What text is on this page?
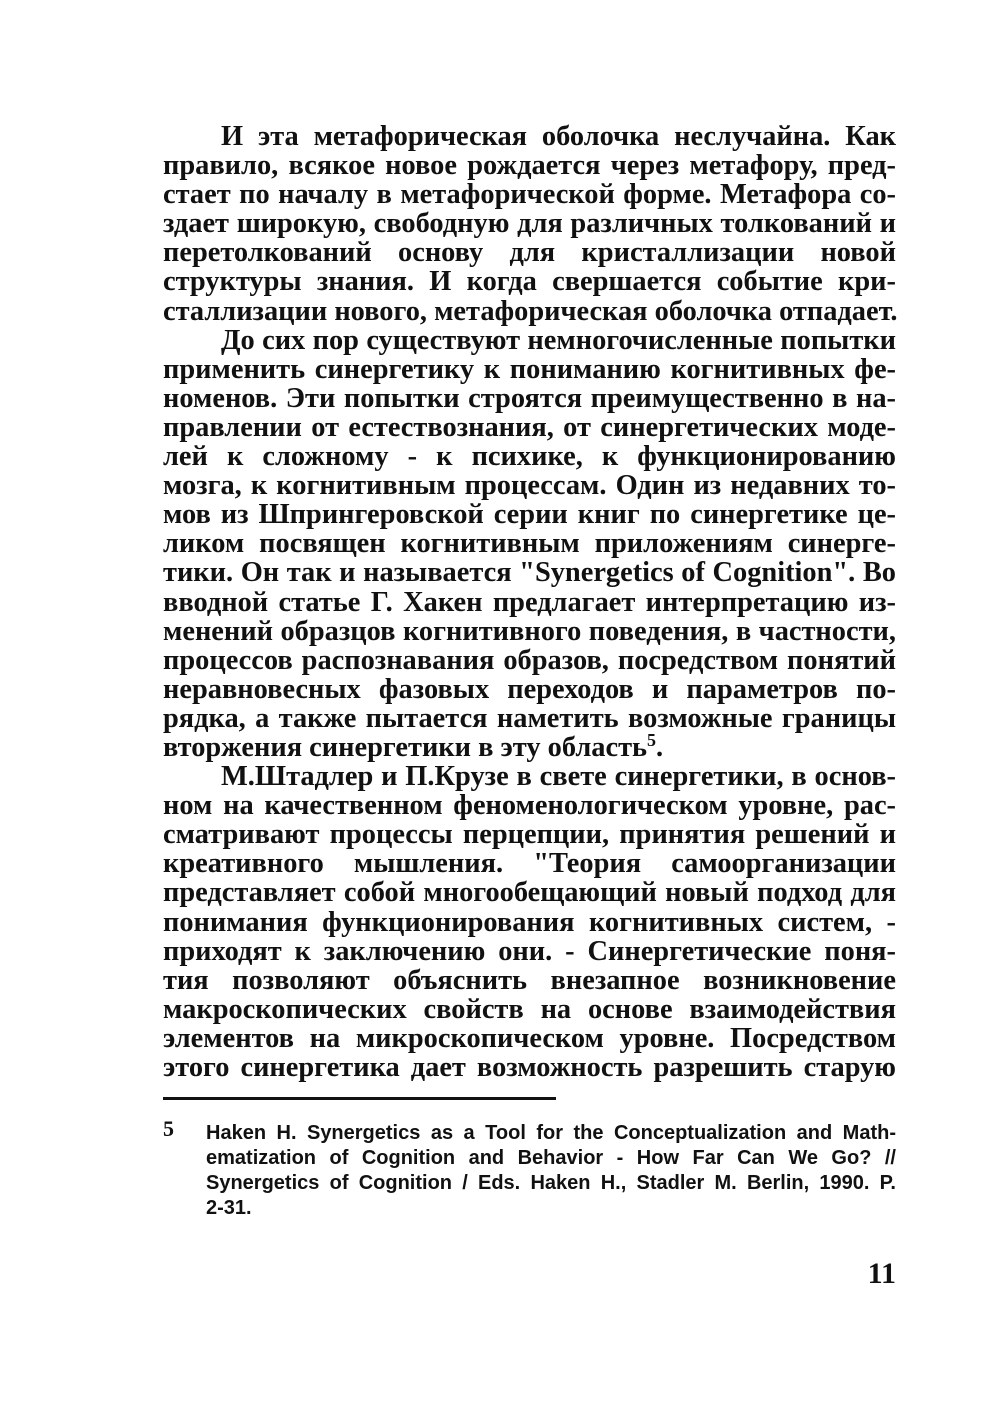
И эта метафорическая оболочка неслучайна. Как
правило, всякое новое рождается через метафору, пред-
стает по началу в метафорической форме. Метафора со-
здает широкую, свободную для различных толкований и
перетолкований основу для кристаллизации новой
структуры знания. И когда свершается событие кри-
сталлизации нового, метафорическая оболочка отпадает.
До сих пор существуют немногочисленные попытки
применить синергетику к пониманию когнитивных фе-
номенов. Эти попытки строятся преимущественно в на-
правлении от естествознания, от синергетических моде-
лей к сложному - к психике, к функционированию
мозга, к когнитивным процессам. Один из недавних то-
мов из Шпрингеровской серии книг по синергетике це-
ликом посвящен когнитивным приложениям синерге-
тики. Он так и называется "Synergetics of Cognition". Во
вводной статье Г. Хакен предлагает интерпретацию из-
менений образцов когнитивного поведения, в частности,
процессов распознавания образов, посредством понятий
неравновесных фазовых переходов и параметров по-
рядка, а также пытается наметить возможные границы
вторжения синергетики в эту область$^5$.
М.Штадлер и П.Крузе в свете синергетики, в основ-
ном на качественном феноменологическом уровне, рас-
сматривают процессы перцепции, принятия решений и
креативного мышления. "Теория самоорганизации
представляет собой многообещающий новый подход для
понимания функционирования когнитивных систем, -
приходят к заключению они. - Синергетические поня-
тия позволяют объяснить внезапное возникновение
макроскопических свойств на основе взаимодействия
элементов на микроскопическом уровне. Посредством
этого синергетика дает возможность разрешить старую
5 Haken H. Synergetics as a Tool for the Conceptualization and Math-
ematization of Cognition and Behavior - How Far Can We Go? //
Synergetics of Cognition / Eds. Haken H., Stadler M. Berlin, 1990. P.
2-31.
11
